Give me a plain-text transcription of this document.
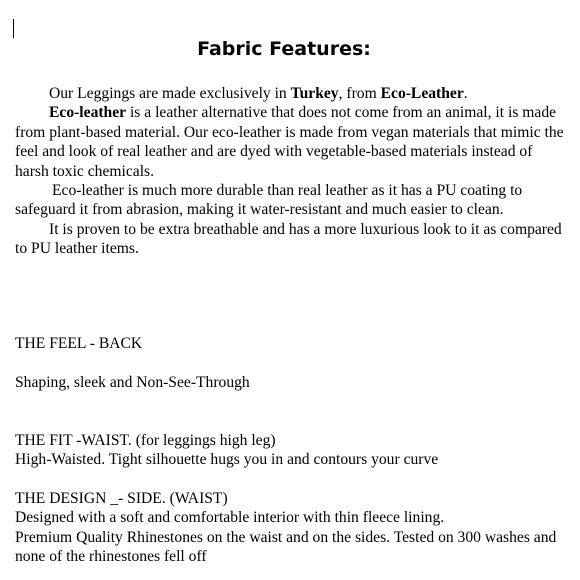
Fabric Features:

Our Leggings are made exclusively in Turkey, from Eco-Leather.

Eco-leather is a leather alternative that does not come from an animal, it is made from plant-based material. Our eco-leather is made from vegan materials that mimic the feel and look of real leather and are dyed with vegetable-based materials instead of harsh toxic chemicals.

Eco-leather is much more durable than real leather as it has a PU coating to safeguard it from abrasion, making it water-resistant and much easier to clean.

It is proven to be extra breathable and has a more luxurious look to it as compared to PU leather items.

THE FEEL - BACK
Shaping, sleek and Non-See-Through
THE FIT -WAIST. (for leggings high leg)
High-Waisted. Tight silhouette hugs you in and contours your curve
THE DESIGN _- SIDE. (WAIST)
Designed with a soft and comfortable interior with thin fleece lining.
Premium Quality Rhinestones on the waist and on the sides. Tested on 300 washes and none of the rhinestones fell off
